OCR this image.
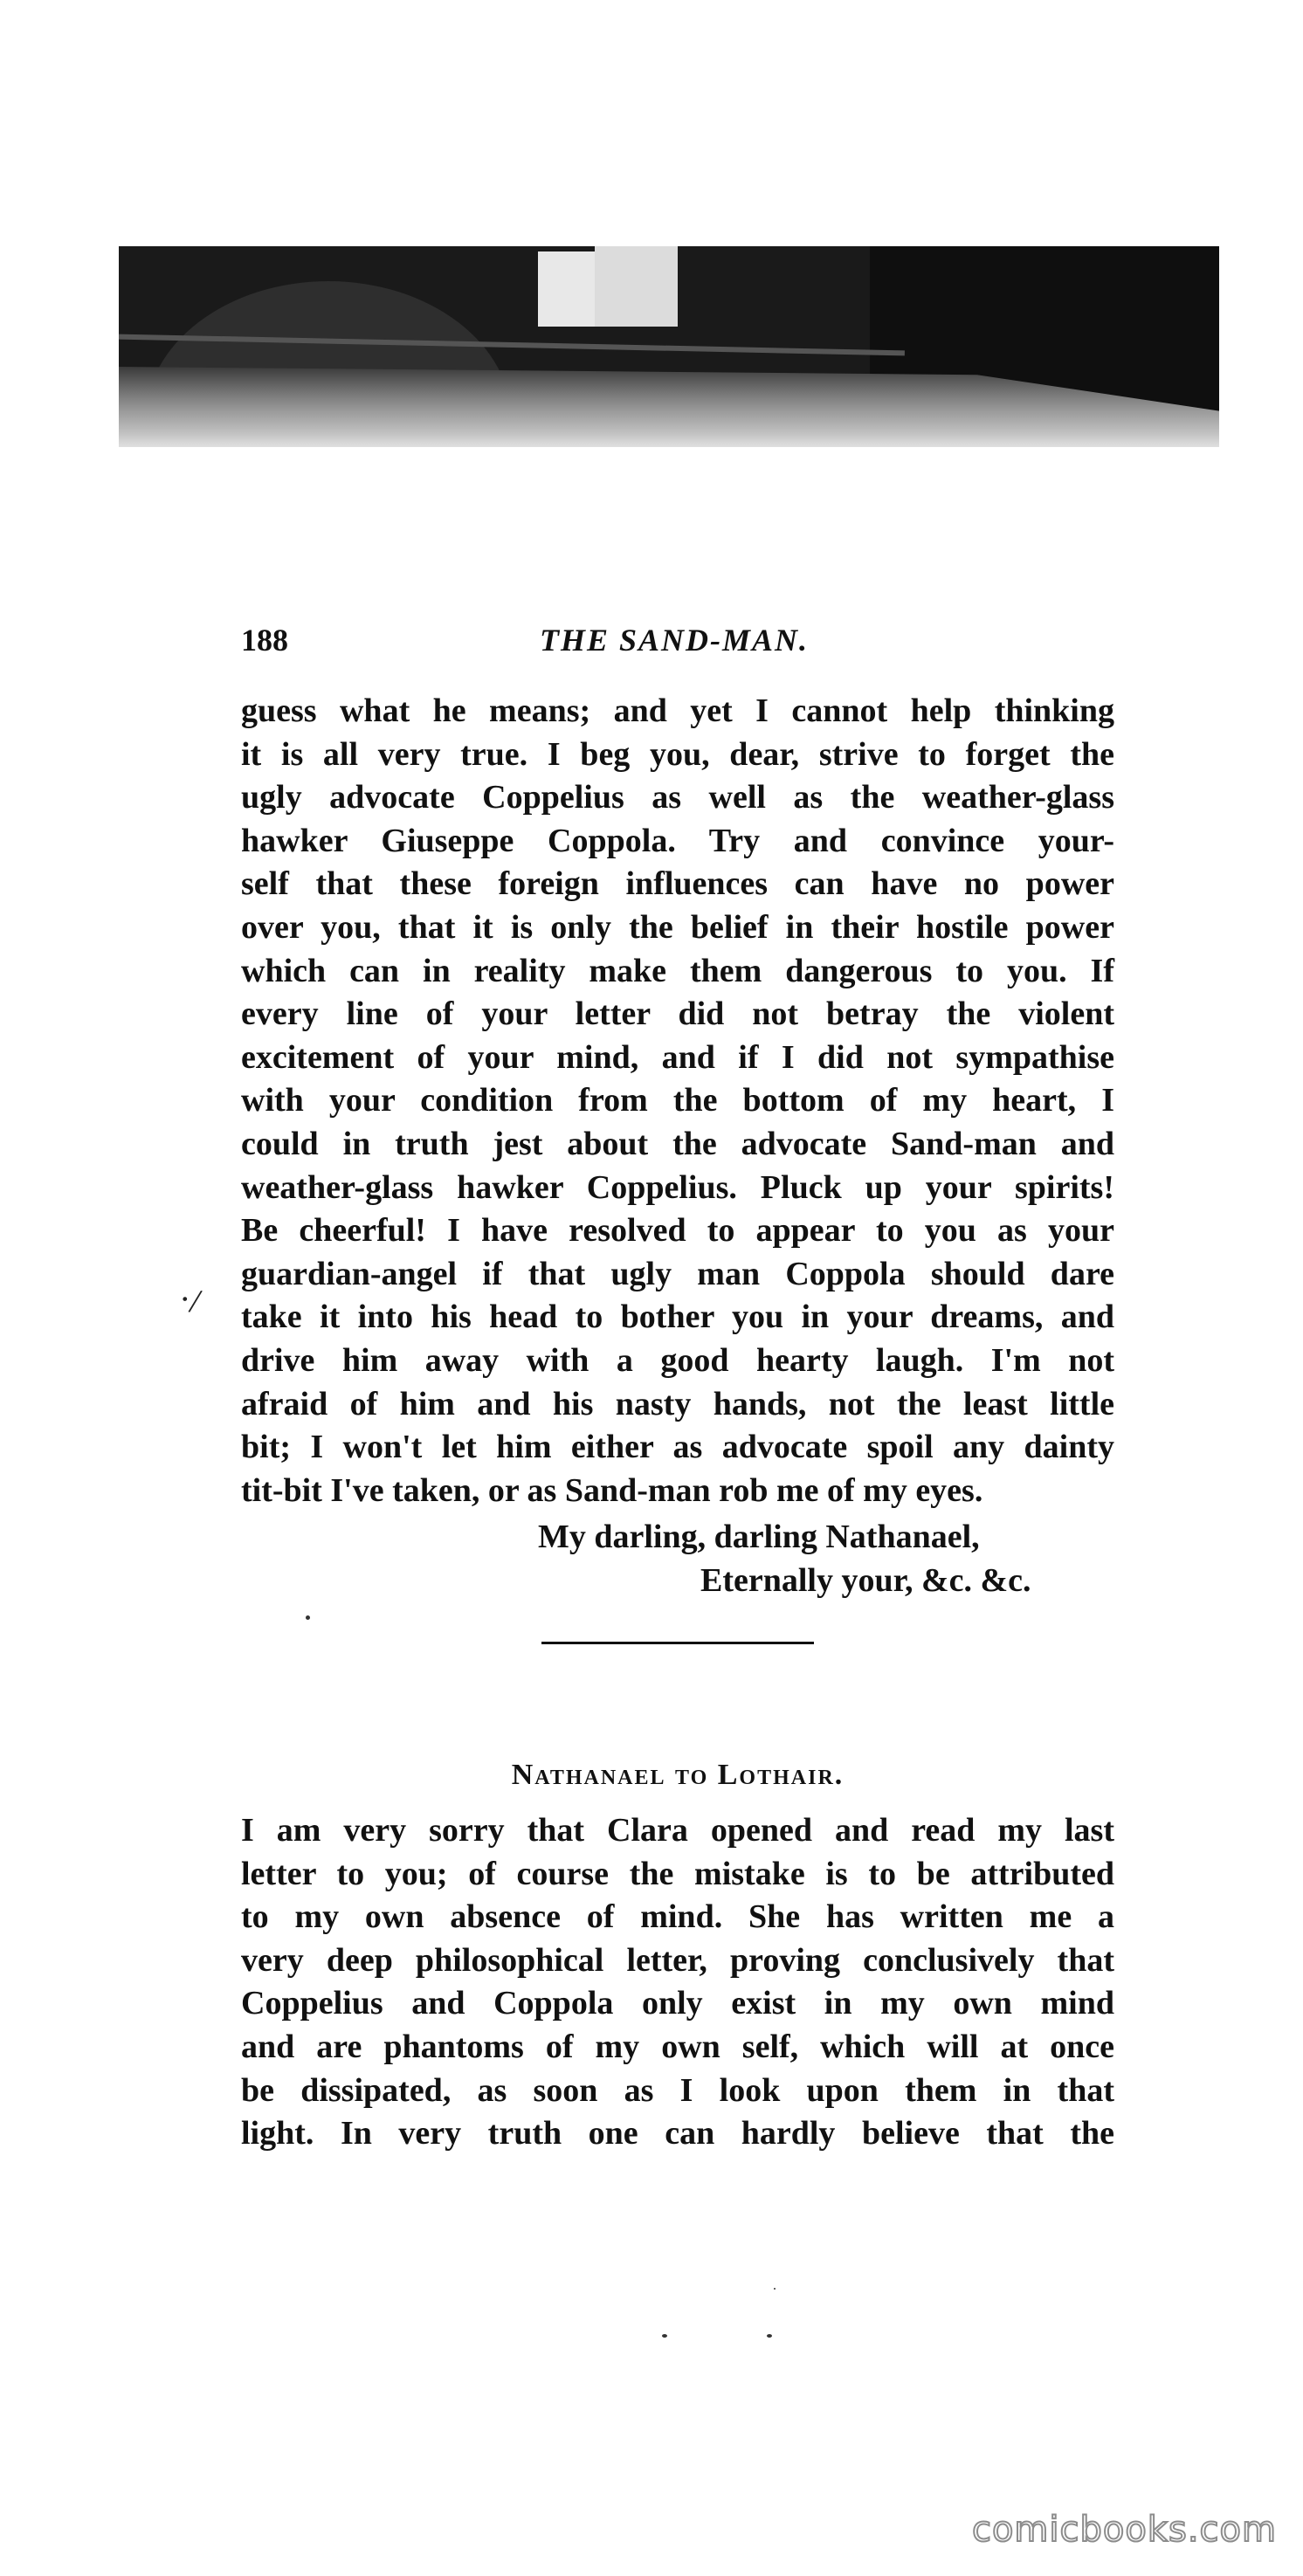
188	THE SAND-MAN.
guess what he means; and yet I cannot help thinking
it is all very true. I beg you, dear, strive to forget the
ugly advocate Coppelius as well as the weather-glass
hawker Giuseppe Coppola. Try and convince your-
self that these foreign influences can have no power
over you, that it is only the belief in their hostile power
which can in reality make them dangerous to you. If
every line of your letter did not betray the violent
excitement of your mind, and if I did not sympathise
with your condition from the bottom of my heart, I
could in truth jest about the advocate Sand-man and
weather-glass hawker Coppelius. Pluck up your spirits!
Be cheerful! I have resolved to appear to you as your
guardian-angel if that ugly man Coppola should dare
take it into his head to bother you in your dreams, and
drive him away with a good hearty laugh. I'm not
afraid of him and his nasty hands, not the least little
bit; I won't let him either as advocate spoil any dainty
tit-bit I've taken, or as Sand-man rob me of my eyes.
·/
My darling, darling Nathanael,
Eternally your, &c. &c.
Nathanael to Lothair.
I am very sorry that Clara opened and read my last
letter to you; of course the mistake is to be attributed
to my own absence of mind. She has written me a
very deep philosophical letter, proving conclusively that
Coppelius and Coppola only exist in my own mind
and are phantoms of my own self, which will at once
be dissipated, as soon as I look upon them in that
light. In very truth one can hardly believe that the
comicbooks.com
